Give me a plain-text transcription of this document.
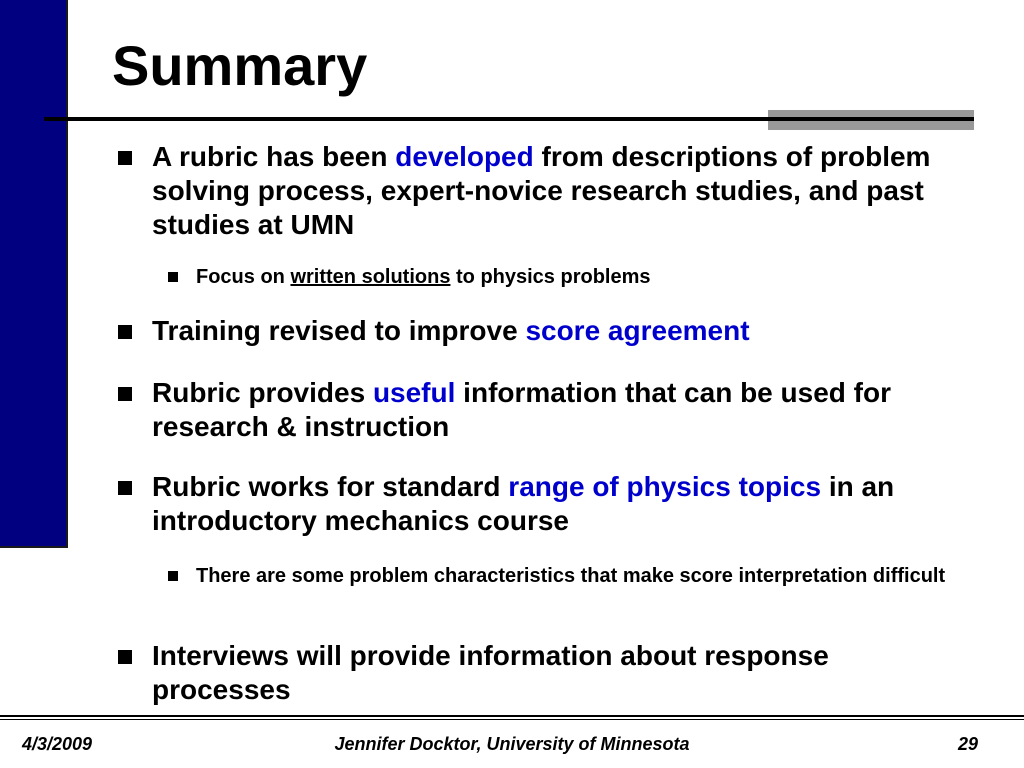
Summary

A rubric has been developed from descriptions of problem solving process, expert-novice research studies, and past studies at UMN

Focus on written solutions to physics problems

Training revised to improve score agreement

Rubric provides useful information that can be used for research & instruction

Rubric works for standard range of physics topics in an introductory mechanics course

There are some problem characteristics that make score interpretation difficult

Interviews will provide information about response processes

4/3/2009	Jennifer Docktor, University of Minnesota	29
